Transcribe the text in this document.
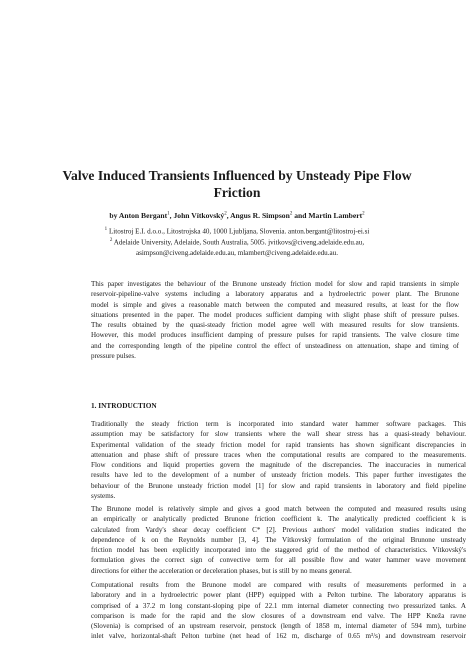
Valve Induced Transients Influenced by Unsteady Pipe Flow
Friction
by Anton Bergant$^1$, John Vítkovský$^2$, Angus R. Simpson$^2$ and Martin Lambert$^2$
$^1$ Litostroj E.I. d.o.o., Litostrojska 40, 1000 Ljubljana, Slovenia. anton.bergant@litostroj-ei.si
$^2$ Adelaide University, Adelaide, South Australia, 5005. jvitkovs@civeng.adelaide.edu.au,
asimpson@civeng.adelaide.edu.au, mlambert@civeng.adelaide.edu.au.
This paper investigates the behaviour of the Brunone unsteady friction model for slow and rapid transients in simple
reservoir-pipeline-valve systems including a laboratory apparatus and a hydroelectric power plant. The Brunone
model is simple and gives a reasonable match between the computed and measured results, at least for the flow
situations presented in the paper. The model produces sufficient damping with slight phase shift of pressure pulses.
The results obtained by the quasi-steady friction model agree well with measured results for slow transients.
However, this model produces insufficient damping of pressure pulses for rapid transients. The valve closure time
and the corresponding length of the pipeline control the effect of unsteadiness on attenuation, shape and timing of
pressure pulses.
1. INTRODUCTION
Traditionally the steady friction term is incorporated into standard water hammer software packages. This
assumption may be satisfactory for slow transients where the wall shear stress has a quasi-steady behaviour.
Experimental validation of the steady friction model for rapid transients has shown significant discrepancies in
attenuation and phase shift of pressure traces when the computational results are compared to the measurements.
Flow conditions and liquid properties govern the magnitude of the discrepancies. The inaccuracies in numerical
results have led to the development of a number of unsteady friction models. This paper further investigates the
behaviour of the Brunone unsteady friction model [1] for slow and rapid transients in laboratory and field pipeline
systems.
The Brunone model is relatively simple and gives a good match between the computed and measured results using
an empirically or analytically predicted Brunone friction coefficient k. The analytically predicted coefficient k is
calculated from Vardy's shear decay coefficient C* [2]. Previous authors' model validation studies indicated the
dependence of k on the Reynolds number [3, 4]. The Vítkovský formulation of the original Brunone unsteady
friction model has been explicitly incorporated into the staggered grid of the method of characteristics. Vítkovský's
formulation gives the correct sign of convective term for all possible flow and water hammer wave movement
directions for either the acceleration or deceleration phases, but is still by no means general.
Computational results from the Brunone model are compared with results of measurements performed in a
laboratory and in a hydroelectric power plant (HPP) equipped with a Pelton turbine. The laboratory apparatus is
comprised of a 37.2 m long constant-sloping pipe of 22.1 mm internal diameter connecting two pressurized tanks. A
comparison is made for the rapid and the slow closures of a downstream end valve. The HPP Kneža ravne
(Slovenia) is comprised of an upstream reservoir, penstock (length of 1858 m, internal diameter of 594 mm), turbine
inlet valve, horizontal-shaft Pelton turbine (net head of 162 m, discharge of 0.65 m³/s) and downstream reservoir
